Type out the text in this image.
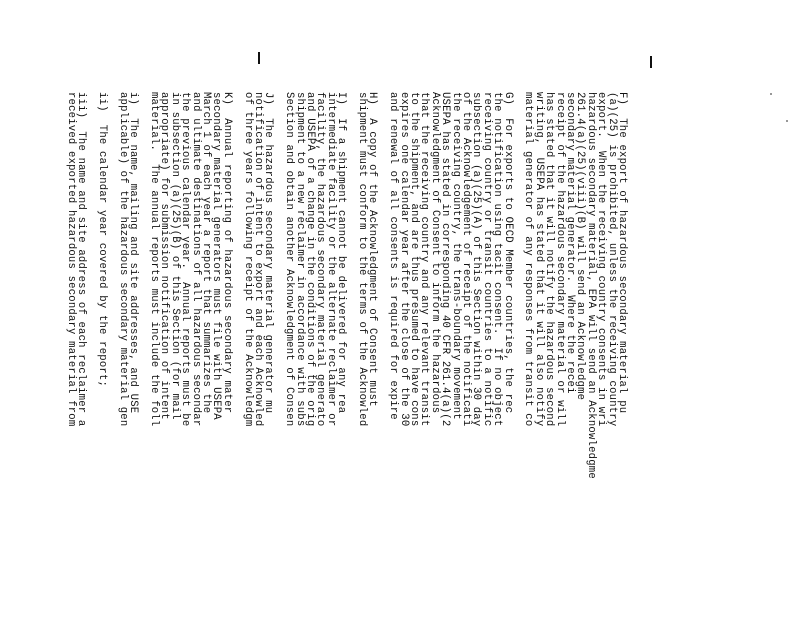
F)  The export of hazardous secondary material pu
(a)(25) is prohibited, unless the receiving country
export.  When the receiving country consents in wri
hazardous secondary material, EPA will send an Acknowledgme
261.4(a)(25)(viii)(B) will send an Acknowledgme
secondary material generator.  Where the recei
receipt of the hazardous secondary material or will
has stated that it will notify the hazardous second
writing,  USEPA has stated that it will also notify
material generator of any responses from transit co
G)  For exports to OECD Member countries, the rec
the notification using tacit consent.  If no object
receiving country or transit countries to a notific
subsection (a)(25)(A) of this Section within 30 day
of the Acknowledgement of receipt of the notificati
the receiving country, the trans-boundary movement
USEPA has stated in corresponding 40 CFR 261.4(a)(2
Acknowledgment of Consent to inform the hazardous
that the receiving country and any relevant transit
to the shipment, and are thus presumed to have cons
expires one calendar year after the close of the 30
and renewal of all consents is required for expire
H)  A copy of the Acknowledgment of Consent must
shipment must conform to the terms of the Acknowled
I)  If a shipment cannot be delivered for any rea
intermediate facility or the alternate reclaimer or
facility, the hazardous secondary material generato
and USEPA of a change in the conditions of the orig
shipment to a new reclaimer in accordance with subs
Section and obtain another Acknowledgment of Consen
J)  The hazardous secondary material generator mu
notification of intent to export and each Acknowled
of three years following receipt of the Acknowledgm
K)  Annual reporting of hazardous secondary mater
secondary material generators must file with USEPA
March 1 of each year a report that summarizes the
and ultimate destinations of all hazardous secondar
the previous calendar year.  Annual reports must be
in subsection (a)(25)(B) of this Section (for mail
appropriate) for submission notification of intent
material.  The annual reports must include the foll
i)  The name, mailing and site addresses, and USE
applicable) of the hazardous secondary material gen
ii)  The calendar year covered by the report;
iii)  The name and site address of each reclaimer a
received exported hazardous secondary material from
